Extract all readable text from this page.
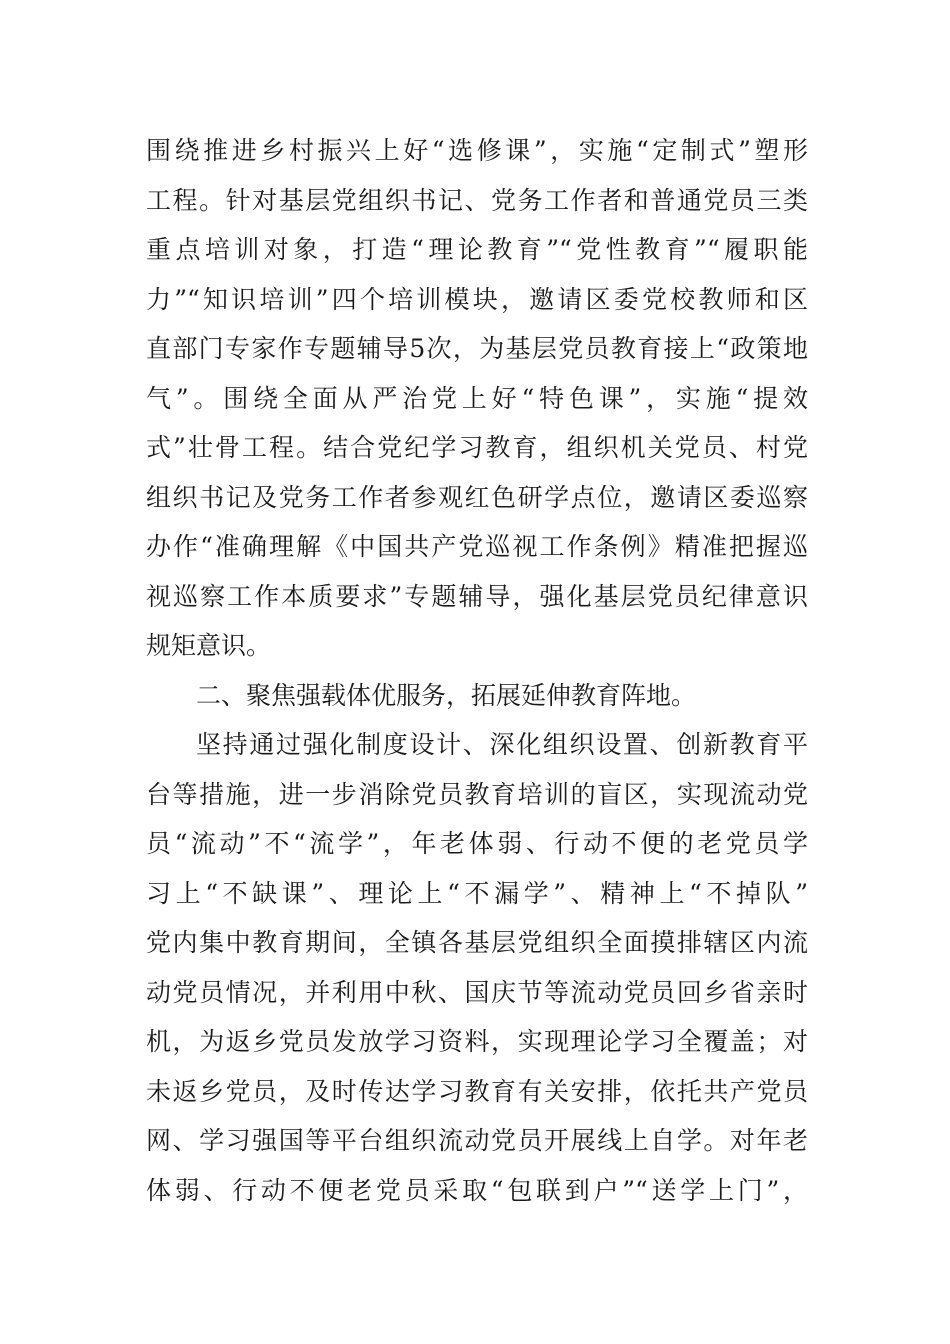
围绕推进乡村振兴上好“选修课”，实施“定制式”塑形
工程。针对基层党组织书记、党务工作者和普通党员三类
重点培训对象，打造“理论教育”“党性教育”“履职能
力”“知识培训”四个培训模块，邀请区委党校教师和区
直部门专家作专题辅导5次，为基层党员教育接上“政策地
气”。围绕全面从严治党上好“特色课”，实施“提效
式”壮骨工程。结合党纪学习教育，组织机关党员、村党
组织书记及党务工作者参观红色研学点位，邀请区委巡察
办作“准确理解《中国共产党巡视工作条例》精准把握巡
视巡察工作本质要求”专题辅导，强化基层党员纪律意识
规矩意识。
二、聚焦强载体优服务，拓展延伸教育阵地。
坚持通过强化制度设计、深化组织设置、创新教育平
台等措施，进一步消除党员教育培训的盲区，实现流动党
员“流动”不“流学”，年老体弱、行动不便的老党员学
习上“不缺课”、理论上“不漏学”、精神上“不掉队”
党内集中教育期间，全镇各基层党组织全面摸排辖区内流
动党员情况，并利用中秋、国庆节等流动党员回乡省亲时
机，为返乡党员发放学习资料，实现理论学习全覆盖；对
未返乡党员，及时传达学习教育有关安排，依托共产党员
网、学习强国等平台组织流动党员开展线上自学。对年老
体弱、行动不便老党员采取“包联到户”“送学上门”，
